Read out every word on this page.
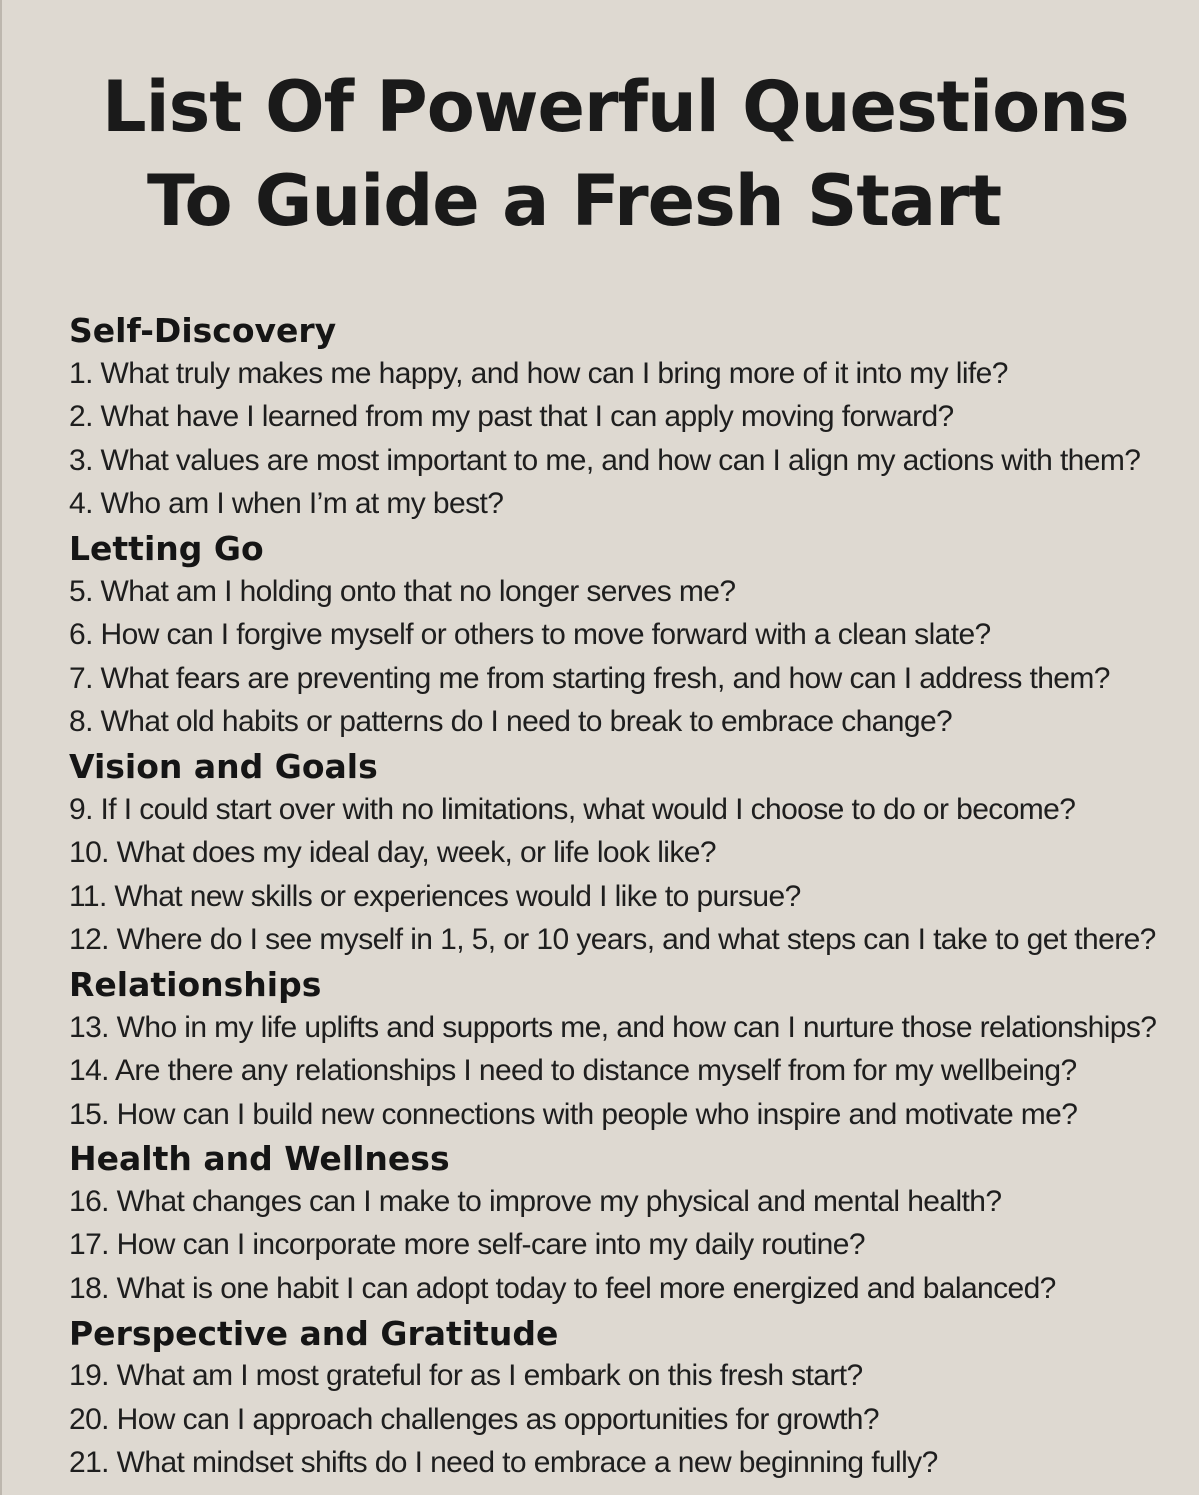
List Of Powerful Questions
To Guide a Fresh Start
Self-Discovery

1. What truly makes me happy, and how can I bring more of it into my life?

2. What have I learned from my past that I can apply moving forward?

3. What values are most important to me, and how can I align my actions with them?

4. Who am I when I’m at my best?

Letting Go

5. What am I holding onto that no longer serves me?

6. How can I forgive myself or others to move forward with a clean slate?

7. What fears are preventing me from starting fresh, and how can I address them?

8. What old habits or patterns do I need to break to embrace change?

Vision and Goals

9. If I could start over with no limitations, what would I choose to do or become?

10. What does my ideal day, week, or life look like?

11. What new skills or experiences would I like to pursue?

12. Where do I see myself in 1, 5, or 10 years, and what steps can I take to get there?

Relationships

13. Who in my life uplifts and supports me, and how can I nurture those relationships?

14. Are there any relationships I need to distance myself from for my wellbeing?

15. How can I build new connections with people who inspire and motivate me?

Health and Wellness

16. What changes can I make to improve my physical and mental health?

17. How can I incorporate more self-care into my daily routine?

18. What is one habit I can adopt today to feel more energized and balanced?

Perspective and Gratitude

19. What am I most grateful for as I embark on this fresh start?

20. How can I approach challenges as opportunities for growth?

21. What mindset shifts do I need to embrace a new beginning fully?
